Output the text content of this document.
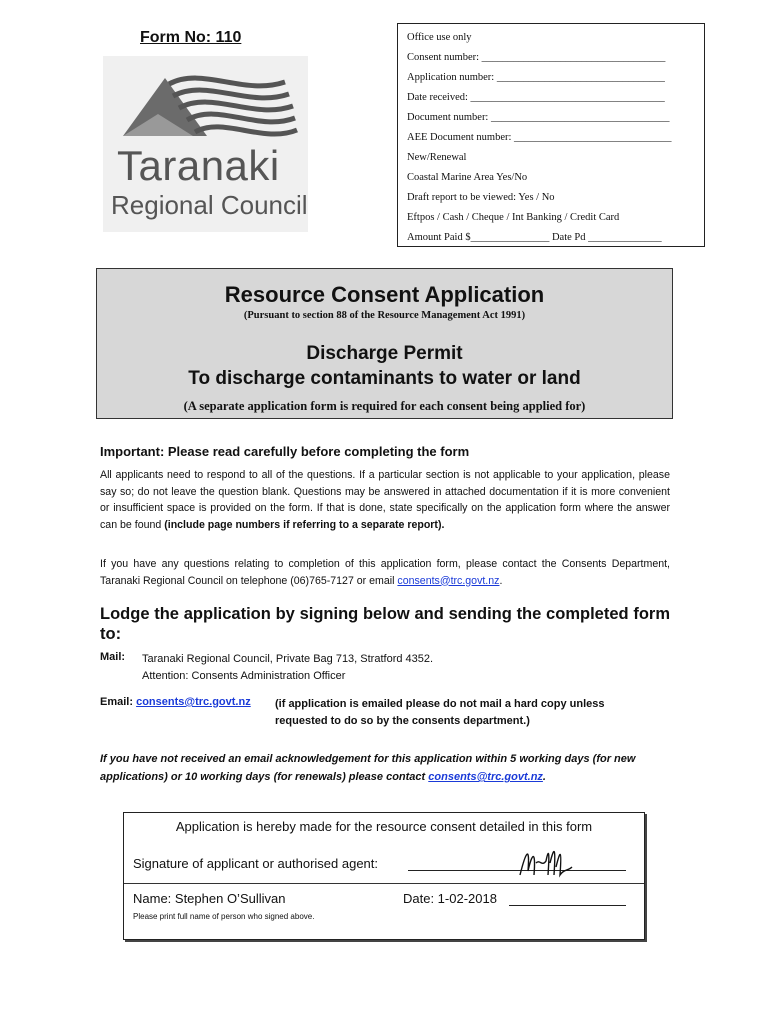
Form No: 110
Taranaki
Regional Council
Office use only
Consent number: ___________________________________
Application number: ________________________________
Date received: _____________________________________
Document number: __________________________________
AEE Document number: ______________________________
New/Renewal
Coastal Marine Area Yes/No
Draft report to be viewed: Yes / No
Eftpos / Cash / Cheque / Int Banking / Credit Card
Amount Paid $_______________ Date Pd ______________
Resource Consent Application
(Pursuant to section 88 of the Resource Management Act 1991)
Discharge Permit
To discharge contaminants to water or land
(A separate application form is required for each consent being applied for)
Important: Please read carefully before completing the form
All applicants need to respond to all of the questions. If a particular section is not applicable to your application, please say so; do not leave the question blank. Questions may be answered in attached documentation if it is more convenient or insufficient space is provided on the form. If that is done, state specifically on the application form where the answer can be found (include page numbers if referring to a separate report).
If you have any questions relating to completion of this application form, please contact the Consents Department, Taranaki Regional Council on telephone (06)765-7127 or email consents@trc.govt.nz.
Lodge the application by signing below and sending the completed form to:
Mail: Taranaki Regional Council, Private Bag 713, Stratford 4352.
Attention: Consents Administration Officer
Email: consents@trc.govt.nz (if application is emailed please do not mail a hard copy unless requested to do so by the consents department.)
If you have not received an email acknowledgement for this application within 5 working days (for new applications) or 10 working days (for renewals) please contact consents@trc.govt.nz.
Application is hereby made for the resource consent detailed in this form
Signature of applicant or authorised agent:
Name: Stephen O’Sullivan	Date: 1-02-2018
Please print full name of person who signed above.
